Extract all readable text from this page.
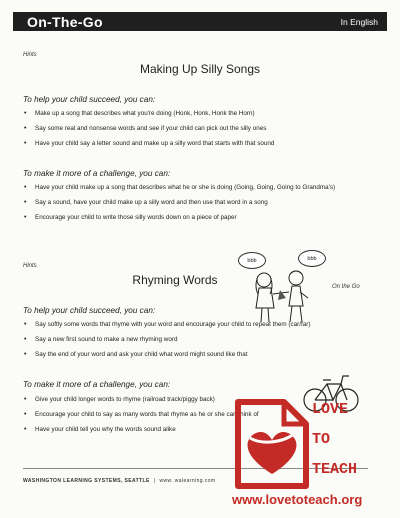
On-The-Go	In English
Hints
Making Up Silly Songs
To help your child succeed, you can:
• Make up a song that describes what you're doing (Honk, Honk, Honk the Horn)
• Say some real and nonsense words and see if your child can pick out the silly ones
• Have your child say a letter sound and make up a silly word that starts with that sound
To make it more of a challenge, you can:
• Have your child make up a song that describes what he or she is doing (Going, Going, Going to Grandma's)
• Say a sound, have your child make up a silly word and then use that word in a song
• Encourage your child to write those silly words down on a piece of paper
Hints
Rhyming Words
bbb	bbb
On the Go
To help your child succeed, you can:
• Say softly some words that rhyme with your word and encourage your child to repeat them (car/far)
• Say a new first sound to make a new rhyming word
• Say the end of your word and ask your child what word might sound like that
To make it more of a challenge, you can:
• Give your child longer words to rhyme (railroad track/piggy back)
• Encourage your child to say as many words that rhyme as he or she can think of
• Have your child tell you why the words sound alike
WASHINGTON LEARNING SYSTEMS, SEATTLE | www. walearning.com
LOVE
TO
TEACH
www.lovetoteach.org
